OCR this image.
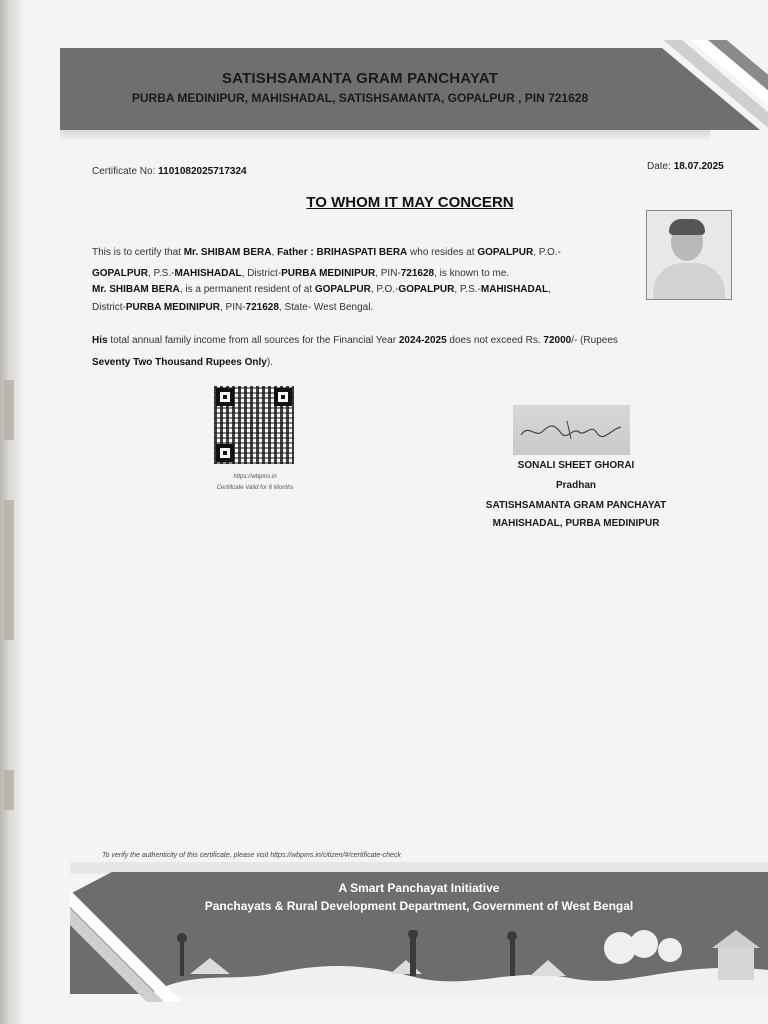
SATISHSAMANTA GRAM PANCHAYAT
PURBA MEDINIPUR, MAHISHADAL, SATISHSAMANTA, GOPALPUR , PIN 721628
Certificate No: 110108202571732​4	Date: 18.07.2025
TO WHOM IT MAY CONCERN
This is to certify that Mr. SHIBAM BERA, Father : BRIHASPATI BERA who resides at GOPALPUR, P.O.-
GOPALPUR, P.S.-MAHISHADAL, District-PURBA MEDINIPUR, PIN-721628, is known to me.
Mr. SHIBAM BERA, is a permanent resident of at GOPALPUR, P.O.-GOPALPUR, P.S.-MAHISHADAL,
District-PURBA MEDINIPUR, PIN-721628, State- West Bengal.
His total annual family income from all sources for the Financial Year 2024-2025 does not exceed Rs. 72000/- (Rupees
Seventy Two Thousand Rupees Only).
https://wbpms.in
Certificate Valid for 6 Months
SONALI SHEET GHORAI
Pradhan
SATISHSAMANTA GRAM PANCHAYAT
MAHISHADAL, PURBA MEDINIPUR
To verify the authenticity of this certificate, please visit https://wbpms.in/citizen/#/certificate-check
A Smart Panchayat Initiative
Panchayats & Rural Development Department, Government of West Bengal
